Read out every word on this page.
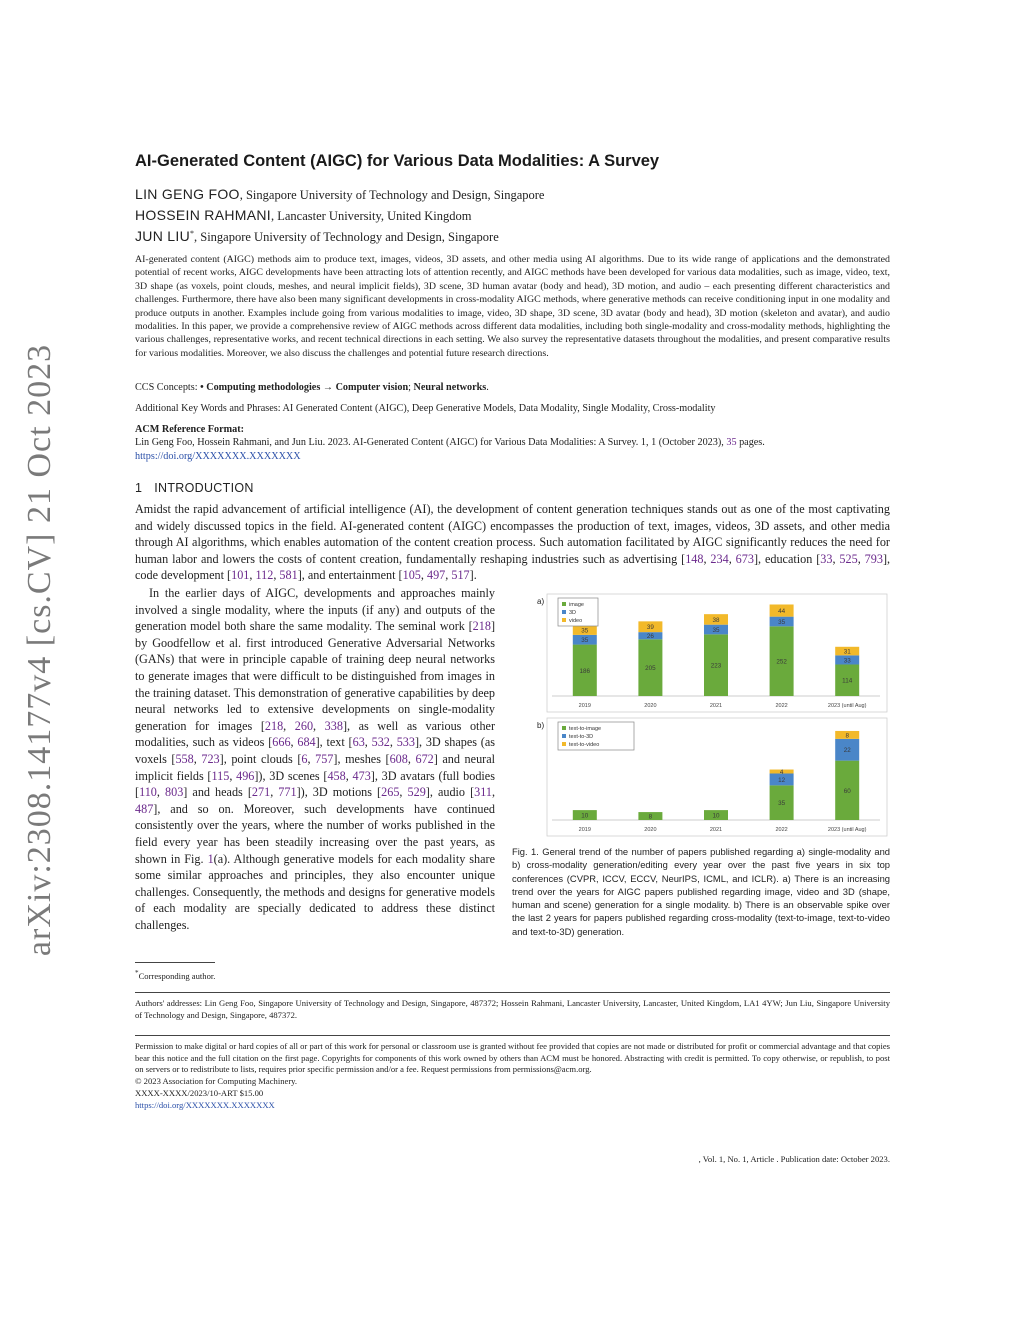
arXiv:2308.14177v4 [cs.CV] 21 Oct 2023
AI-Generated Content (AIGC) for Various Data Modalities: A Survey
LIN GENG FOO, Singapore University of Technology and Design, Singapore
HOSSEIN RAHMANI, Lancaster University, United Kingdom
JUN LIU*, Singapore University of Technology and Design, Singapore
AI-generated content (AIGC) methods aim to produce text, images, videos, 3D assets, and other media using AI algorithms. Due to its wide range of applications and the demonstrated potential of recent works, AIGC developments have been attracting lots of attention recently, and AIGC methods have been developed for various data modalities, such as image, video, text, 3D shape (as voxels, point clouds, meshes, and neural implicit fields), 3D scene, 3D human avatar (body and head), 3D motion, and audio – each presenting different characteristics and challenges. Furthermore, there have also been many significant developments in cross-modality AIGC methods, where generative methods can receive conditioning input in one modality and produce outputs in another. Examples include going from various modalities to image, video, 3D shape, 3D scene, 3D avatar (body and head), 3D motion (skeleton and avatar), and audio modalities. In this paper, we provide a comprehensive review of AIGC methods across different data modalities, including both single-modality and cross-modality methods, highlighting the various challenges, representative works, and recent technical directions in each setting. We also survey the representative datasets throughout the modalities, and present comparative results for various modalities. Moreover, we also discuss the challenges and potential future research directions.
CCS Concepts: • Computing methodologies → Computer vision; Neural networks.
Additional Key Words and Phrases: AI Generated Content (AIGC), Deep Generative Models, Data Modality, Single Modality, Cross-modality
ACM Reference Format:
Lin Geng Foo, Hossein Rahmani, and Jun Liu. 2023. AI-Generated Content (AIGC) for Various Data Modalities: A Survey. 1, 1 (October 2023), 35 pages.
https://doi.org/XXXXXXX.XXXXXXX
1 INTRODUCTION
Amidst the rapid advancement of artificial intelligence (AI), the development of content generation techniques stands out as one of the most captivating and widely discussed topics in the field. AI-generated content (AIGC) encompasses the production of text, images, videos, 3D assets, and other media through AI algorithms, which enables automation of the content creation process. Such automation facilitated by AIGC significantly reduces the need for human labor and lowers the costs of content creation, fundamentally reshaping industries such as advertising [148, 234, 673], education [33, 525, 793], code development [101, 112, 581], and entertainment [105, 497, 517].
In the earlier days of AIGC, developments and approaches mainly involved a single modality, where the inputs (if any) and outputs of the generation model both share the same modality. The seminal work [218] by Goodfellow et al. first introduced Generative Adversarial Networks (GANs) that were in principle capable of training deep neural networks to generate images that were difficult to be distinguished from images in the training dataset. This demonstration of generative capabilities by deep neural networks led to extensive developments on single-modality generation for images [218, 260, 338], as well as various other modalities, such as videos [666, 684], text [63, 532, 533], 3D shapes (as voxels [558, 723], point clouds [6, 757], meshes [608, 672] and neural implicit fields [115, 496]), 3D scenes [458, 473], 3D avatars (full bodies [110, 803] and heads [271, 771]), 3D motions [265, 529], audio [311, 487], and so on. Moreover, such developments have continued consistently over the years, where the number of works published in the field every year has been steadily increasing over the past years, as shown in Fig. 1(a). Although generative models for each modality share some similar approaches and principles, they also encounter unique challenges. Consequently, the methods and designs for generative models of each modality are specially dedicated to address these distinct challenges.
a)
186
35
35
2019
205
26
39
2020
223
35
38
2021
252
35
44
2022
114
33
31
2023 (until Aug)
image
3D
video
b)
10
2019
8
2020
10
2021
35
12
4
2022
60
22
8
2023 (until Aug)
text-to-image
text-to-3D
text-to-video
Fig. 1. General trend of the number of papers published regarding a) single-modality and b) cross-modality generation/editing every year over the past five years in six top conferences (CVPR, ICCV, ECCV, NeurIPS, ICML, and ICLR). a) There is an increasing trend over the years for AIGC papers published regarding image, video and 3D (shape, human and scene) generation for a single modality. b) There is an observable spike over the last 2 years for papers published regarding cross-modality (text-to-image, text-to-video and text-to-3D) generation.
*Corresponding author.
Authors' addresses: Lin Geng Foo, Singapore University of Technology and Design, Singapore, 487372; Hossein Rahmani, Lancaster University, Lancaster, United Kingdom, LA1 4YW; Jun Liu, Singapore University of Technology and Design, Singapore, 487372.
Permission to make digital or hard copies of all or part of this work for personal or classroom use is granted without fee provided that copies are not made or distributed for profit or commercial advantage and that copies bear this notice and the full citation on the first page. Copyrights for components of this work owned by others than ACM must be honored. Abstracting with credit is permitted. To copy otherwise, or republish, to post on servers or to redistribute to lists, requires prior specific permission and/or a fee. Request permissions from permissions@acm.org.
© 2023 Association for Computing Machinery.
XXXX-XXXX/2023/10-ART $15.00
https://doi.org/XXXXXXX.XXXXXXX
, Vol. 1, No. 1, Article . Publication date: October 2023.
